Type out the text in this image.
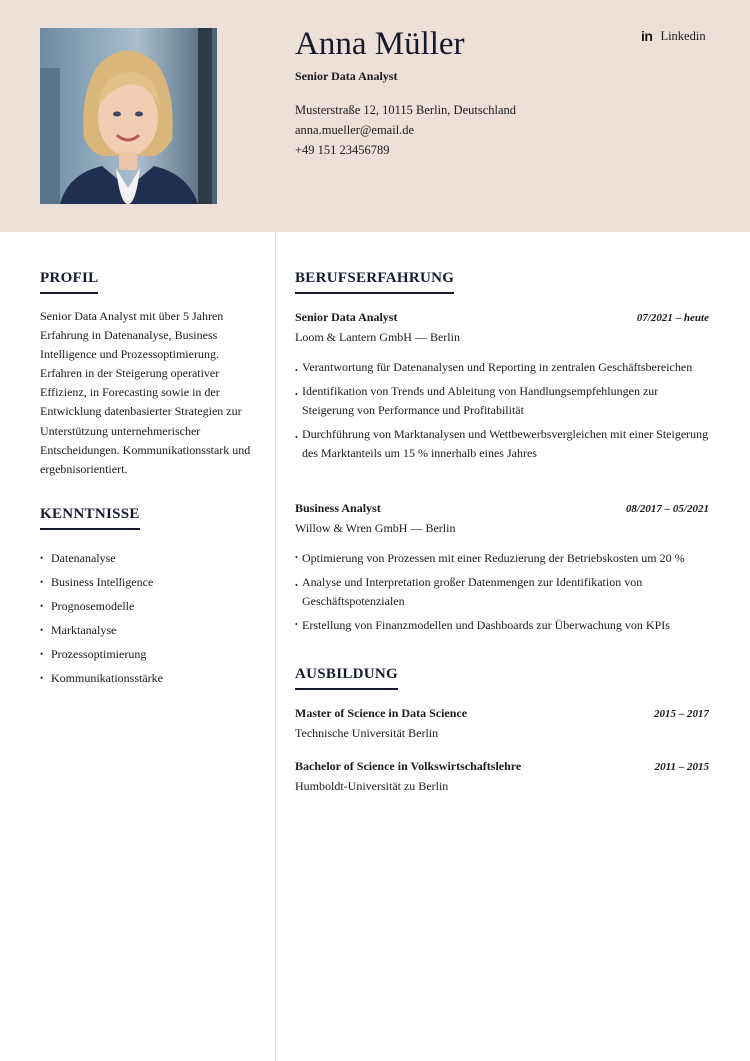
Anna Müller
Senior Data Analyst
Musterstraße 12, 10115 Berlin, Deutschland
anna.mueller@email.de
+49 151 23456789
in Linkedin
PROFIL
Senior Data Analyst mit über 5 Jahren Erfahrung in Datenanalyse, Business Intelligence und Prozessoptimierung. Erfahren in der Steigerung operativer Effizienz, in Forecasting sowie in der Entwicklung datenbasierter Strategien zur Unterstützung unternehmerischer Entscheidungen. Kommunikationsstark und ergebnisorientiert.
KENNTNISSE
• Datenanalyse
• Business Intelligence
• Prognosemodelle
• Marktanalyse
• Prozessoptimierung
• Kommunikationsstärke
BERUFSERFAHRUNG
Senior Data Analyst	07/2021 – heute
Loom & Lantern GmbH — Berlin
• Verantwortung für Datenanalysen und Reporting in zentralen Geschäftsbereichen
• Identifikation von Trends und Ableitung von Handlungsempfehlungen zur Steigerung von Performance und Profitabilität
• Durchführung von Marktanalysen und Wettbewerbsvergleichen mit einer Steigerung des Marktanteils um 15 % innerhalb eines Jahres
Business Analyst	08/2017 – 05/2021
Willow & Wren GmbH — Berlin
• Optimierung von Prozessen mit einer Reduzierung der Betriebskosten um 20 %
• Analyse und Interpretation großer Datenmengen zur Identifikation von Geschäftspotenzialen
• Erstellung von Finanzmodellen und Dashboards zur Überwachung von KPIs
AUSBILDUNG
Master of Science in Data Science	2015 – 2017
Technische Universität Berlin
Bachelor of Science in Volkswirtschaftslehre	2011 – 2015
Humboldt-Universität zu Berlin
